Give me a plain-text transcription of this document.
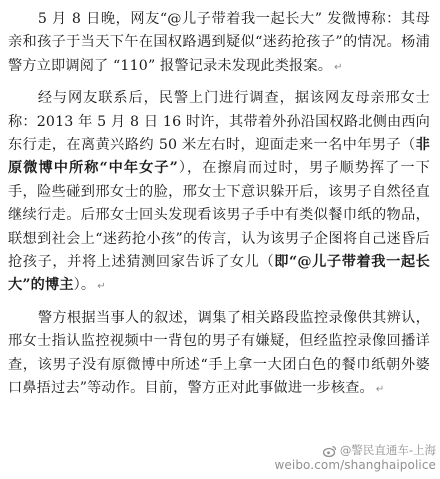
5 月 8 日晚，网友“@儿子带着我一起长大” 发微博称：其母亲和孩子于当天下午在国权路遇到疑似“迷药抢孩子”的情况。杨浦警方立即调阅了 “110” 报警记录未发现此类报案。 ↵

经与网友联系后，民警上门进行调查，据该网友母亲邢女士称：2013 年 5 月 8 日 16 时许，其带着外孙沿国权路北侧由西向东行走，在离黄兴路约 50 米左右时，迎面走来一名中年男子（非原微博中所称“中年女子”），在擦肩而过时，男子顺势挥了一下手，险些碰到邢女士的脸，邢女士下意识躲开后，该男子自然径直继续行走。后邢女士回头发现看该男子手中有类似餐巾纸的物品，联想到社会上“迷药抢小孩”的传言，认为该男子企图将自己迷昏后抢孩子，并将上述猜测回家告诉了女儿（即“@儿子带着我一起长大”的博主）。 ↵

警方根据当事人的叙述，调集了相关路段监控录像供其辨认，邢女士指认监控视频中一背包的男子有嫌疑，但经监控录像回播详查，该男子没有原微博中所述“手上拿一大团白色的餐巾纸朝外婆口鼻捂过去”等动作。目前，警方正对此事做进一步核查。 ↵

@警民直通车-上海
weibo.com/shanghaipolice
